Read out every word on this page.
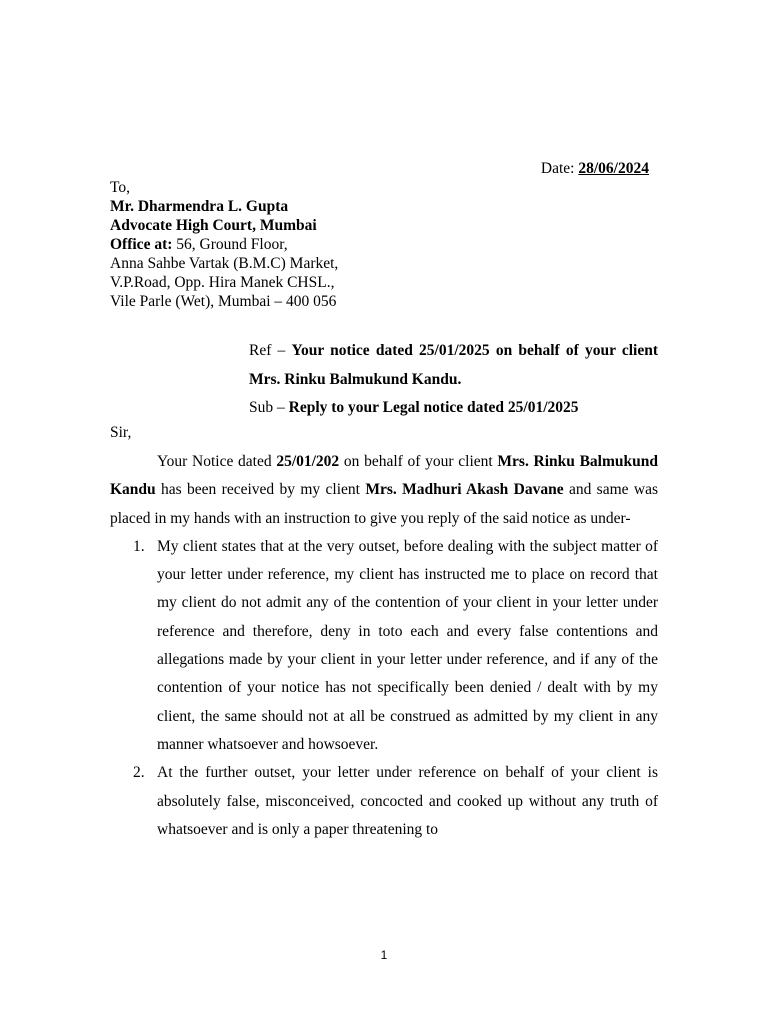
Date: 28/06/2024
To,
Mr. Dharmendra L. Gupta
Advocate High Court, Mumbai
Office at: 56, Ground Floor,
Anna Sahbe Vartak (B.M.C) Market,
V.P.Road, Opp. Hira Manek CHSL.,
Vile Parle (Wet), Mumbai – 400 056

Ref – Your notice dated 25/01/2025 on behalf of your client Mrs. Rinku Balmukund Kandu.

Sub – Reply to your Legal notice dated 25/01/2025

Sir,

Your Notice dated 25/01/202 on behalf of your client Mrs. Rinku Balmukund Kandu has been received by my client Mrs. Madhuri Akash Davane and same was placed in my hands with an instruction to give you reply of the said notice as under-

1. My client states that at the very outset, before dealing with the subject matter of your letter under reference, my client has instructed me to place on record that my client do not admit any of the contention of your client in your letter under reference and therefore, deny in toto each and every false contentions and allegations made by your client in your letter under reference, and if any of the contention of your notice has not specifically been denied / dealt with by my client, the same should not at all be construed as admitted by my client in any manner whatsoever and howsoever.
2. At the further outset, your letter under reference on behalf of your client is absolutely false, misconceived, concocted and cooked up without any truth of whatsoever and is only a paper threatening to
1
